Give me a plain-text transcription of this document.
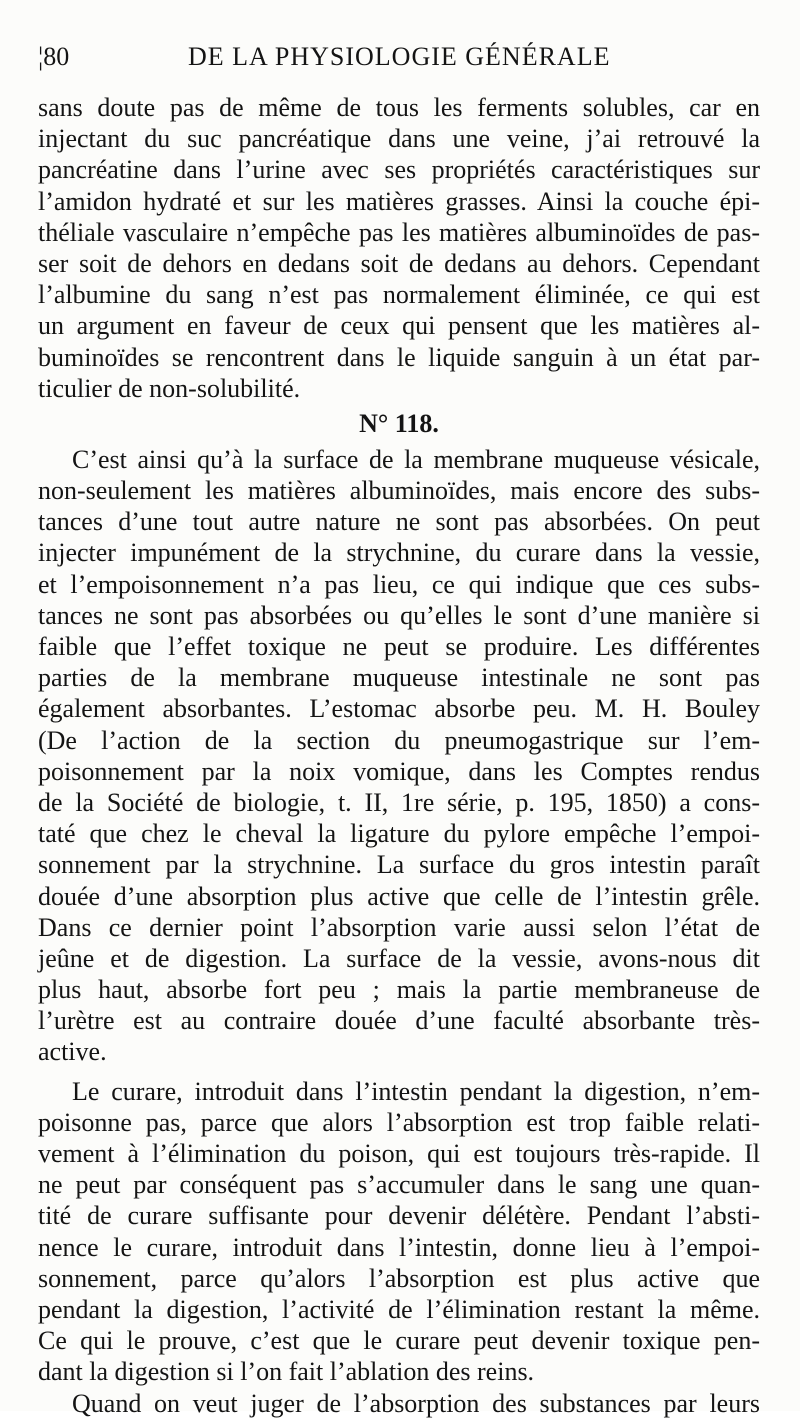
¦80	DE LA PHYSIOLOGIE GÉNÉRALE
sans doute pas de même de tous les ferments solubles, car en
injectant du suc pancréatique dans une veine, j’ai retrouvé la
pancréatine dans l’urine avec ses propriétés caractéristiques sur
l’amidon hydraté et sur les matières grasses. Ainsi la couche épi-
théliale vasculaire n’empêche pas les matières albuminoïdes de pas-
ser soit de dehors en dedans soit de dedans au dehors. Cependant
l’albumine du sang n’est pas normalement éliminée, ce qui est
un argument en faveur de ceux qui pensent que les matières al-
buminoïdes se rencontrent dans le liquide sanguin à un état par-
ticulier de non-solubilité.
N° 118.
C’est ainsi qu’à la surface de la membrane muqueuse vésicale,
non-seulement les matières albuminoïdes, mais encore des subs-
tances d’une tout autre nature ne sont pas absorbées. On peut
injecter impunément de la strychnine, du curare dans la vessie,
et l’empoisonnement n’a pas lieu, ce qui indique que ces subs-
tances ne sont pas absorbées ou qu’elles le sont d’une manière si
faible que l’effet toxique ne peut se produire. Les différentes
parties de la membrane muqueuse intestinale ne sont pas
également absorbantes. L’estomac absorbe peu. M. H. Bouley
(De l’action de la section du pneumogastrique sur l’em-
poisonnement par la noix vomique, dans les Comptes rendus
de la Société de biologie, t. II, 1re série, p. 195, 1850) a cons-
taté que chez le cheval la ligature du pylore empêche l’empoi-
sonnement par la strychnine. La surface du gros intestin paraît
douée d’une absorption plus active que celle de l’intestin grêle.
Dans ce dernier point l’absorption varie aussi selon l’état de
jeûne et de digestion. La surface de la vessie, avons-nous dit
plus haut, absorbe fort peu ; mais la partie membraneuse de
l’urètre est au contraire douée d’une faculté absorbante très-
active.
Le curare, introduit dans l’intestin pendant la digestion, n’em-
poisonne pas, parce que alors l’absorption est trop faible relati-
vement à l’élimination du poison, qui est toujours très-rapide. Il
ne peut par conséquent pas s’accumuler dans le sang une quan-
tité de curare suffisante pour devenir délétère. Pendant l’absti-
nence le curare, introduit dans l’intestin, donne lieu à l’empoi-
sonnement, parce qu’alors l’absorption est plus active que
pendant la digestion, l’activité de l’élimination restant la même.
Ce qui le prouve, c’est que le curare peut devenir toxique pen-
dant la digestion si l’on fait l’ablation des reins.
Quand on veut juger de l’absorption des substances par leurs
